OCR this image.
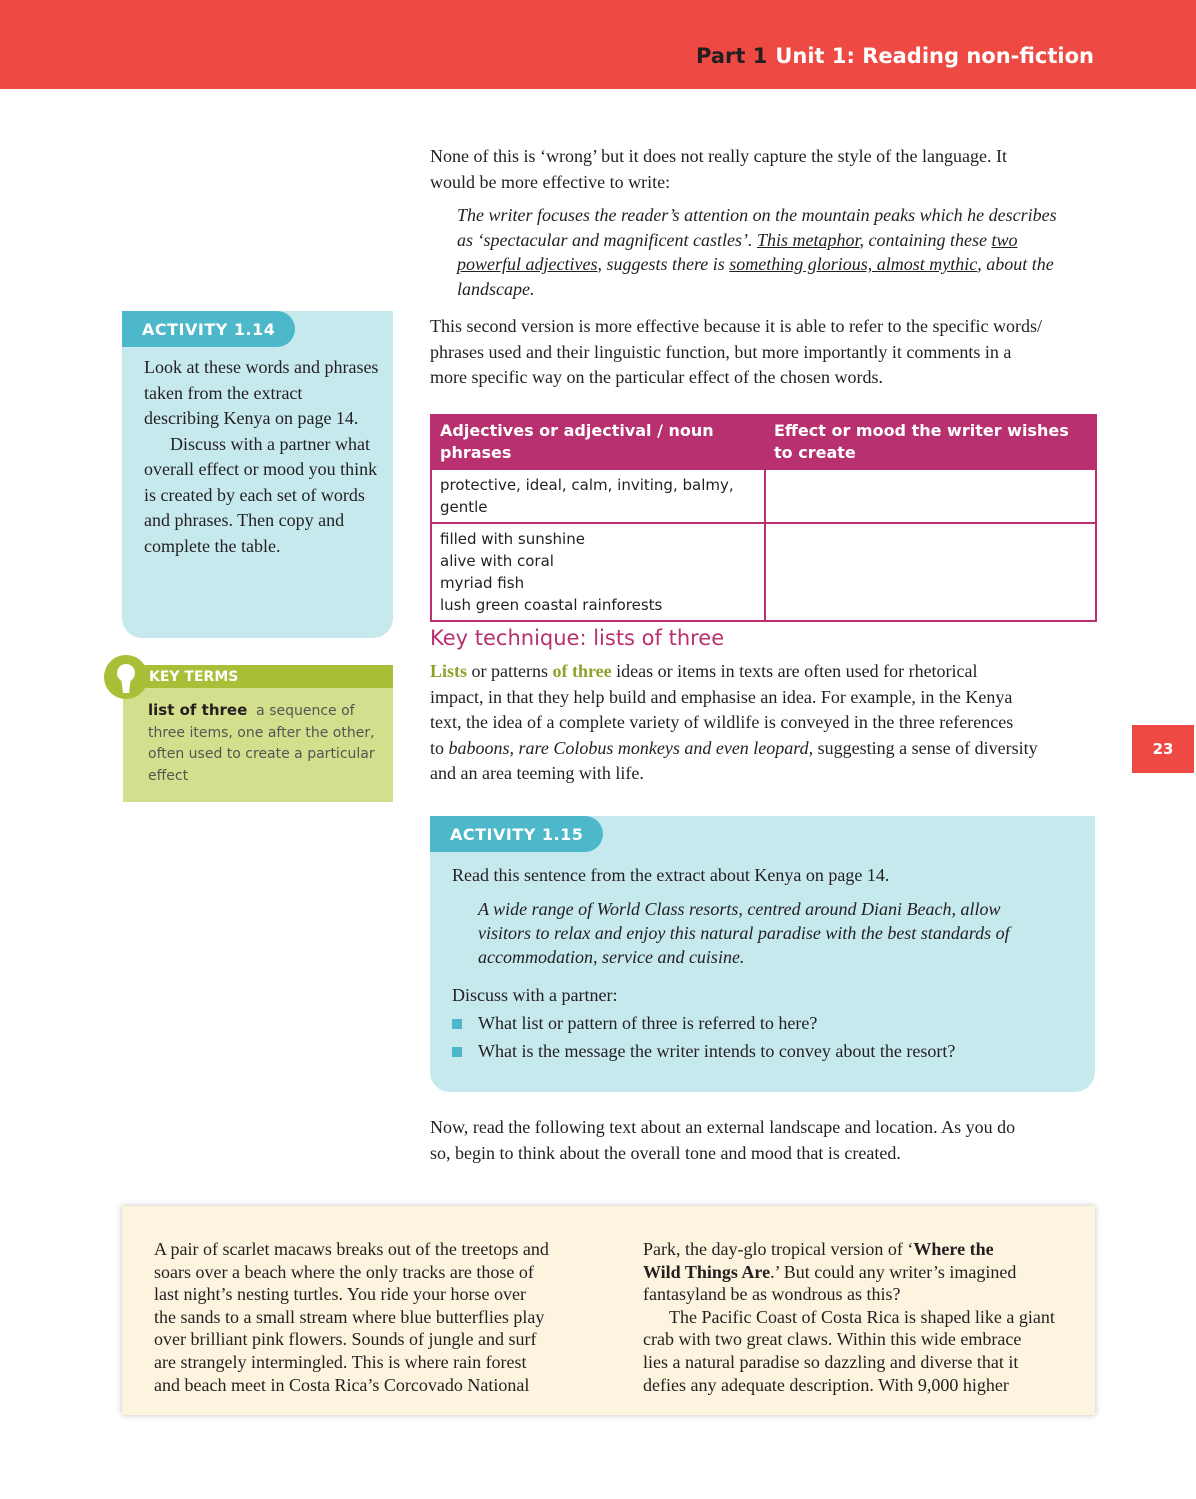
Part 1 Unit 1: Reading non‑fiction
23
None of this is ‘wrong’ but it does not really capture the style of the language. It
would be more effective to write:
The writer focuses the reader’s attention on the mountain peaks which he describes
as ‘spectacular and magnificent castles’. This metaphor, containing these two
powerful adjectives, suggests there is something glorious, almost mythic, about the
landscape.
This second version is more effective because it is able to refer to the specific words/
phrases used and their linguistic function, but more importantly it comments in a
more specific way on the particular effect of the chosen words.
ACTIVITY 1.14
Look at these words and phrases taken from the extract describing Kenya on page 14.
Discuss with a partner what overall effect or mood you think is created by each set of words and phrases. Then copy and complete the table.
KEY TERMS
list of three a sequence of three items, one after the other, often used to create a particular effect
Adjectives or adjectival / noun phrases	Effect or mood the writer wishes to create
protective, ideal, calm, inviting, balmy, gentle	

filled with sunshine
alive with coral
myriad fish
lush green coastal rainforests	

Key technique: lists of three
Lists or patterns of three ideas or items in texts are often used for rhetorical
impact, in that they help build and emphasise an idea. For example, in the Kenya
text, the idea of a complete variety of wildlife is conveyed in the three references
to baboons, rare Colobus monkeys and even leopard, suggesting a sense of diversity
and an area teeming with life.
ACTIVITY 1.15
Read this sentence from the extract about Kenya on page 14.
A wide range of World Class resorts, centred around Diani Beach, allow
visitors to relax and enjoy this natural paradise with the best standards of
accommodation, service and cuisine.
Discuss with a partner:
What list or pattern of three is referred to here?
What is the message the writer intends to convey about the resort?
Now, read the following text about an external landscape and location. As you do
so, begin to think about the overall tone and mood that is created.
A pair of scarlet macaws breaks out of the treetops and
soars over a beach where the only tracks are those of
last night’s nesting turtles. You ride your horse over
the sands to a small stream where blue butterflies play
over brilliant pink flowers. Sounds of jungle and surf
are strangely intermingled. This is where rain forest
and beach meet in Costa Rica’s Corcovado National
Park, the day-glo tropical version of ‘Where the
Wild Things Are.’ But could any writer’s imagined
fantasyland be as wondrous as this?
The Pacific Coast of Costa Rica is shaped like a giant
crab with two great claws. Within this wide embrace
lies a natural paradise so dazzling and diverse that it
defies any adequate description. With 9,000 higher
